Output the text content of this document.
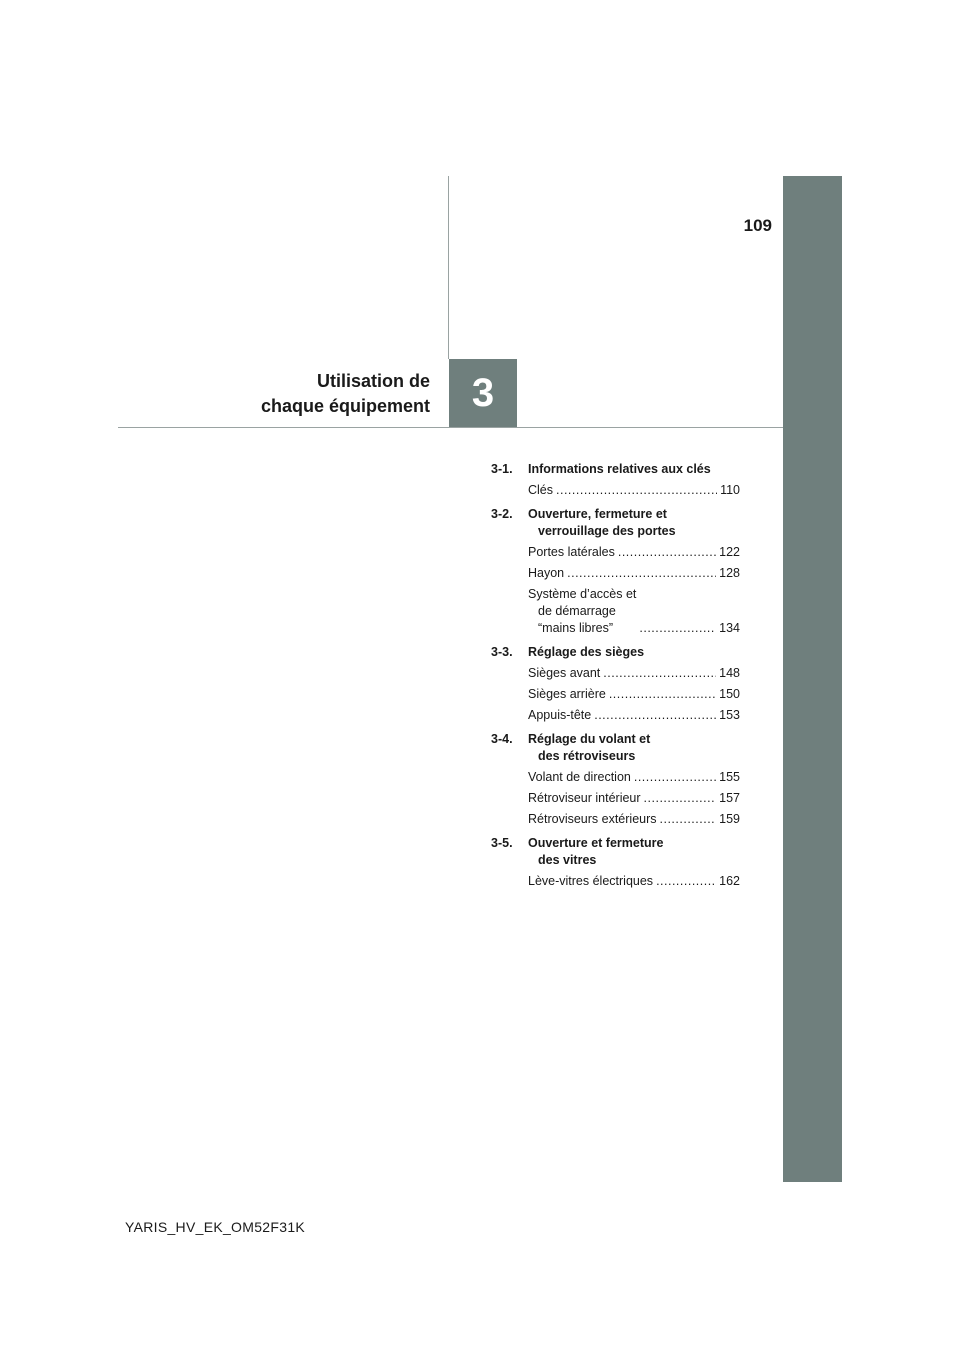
3
109
Utilisation de
chaque équipement
3-1.	Informations relatives aux clés
Clés .....	110
3-2.	Ouverture, fermeture et
verrouillage des portes
Portes latérales .....	122
Hayon .....	128
Système d’accès et
de démarrage
“mains libres” .....	134
3-3.	Réglage des sièges
Sièges avant .....	148
Sièges arrière .....	150
Appuis-tête .....	153
3-4.	Réglage du volant et
des rétroviseurs
Volant de direction .....	155
Rétroviseur intérieur .....	157
Rétroviseurs extérieurs .....	159
3-5.	Ouverture et fermeture
des vitres
Lève-vitres électriques .....	162
YARIS_HV_EK_OM52F31K
